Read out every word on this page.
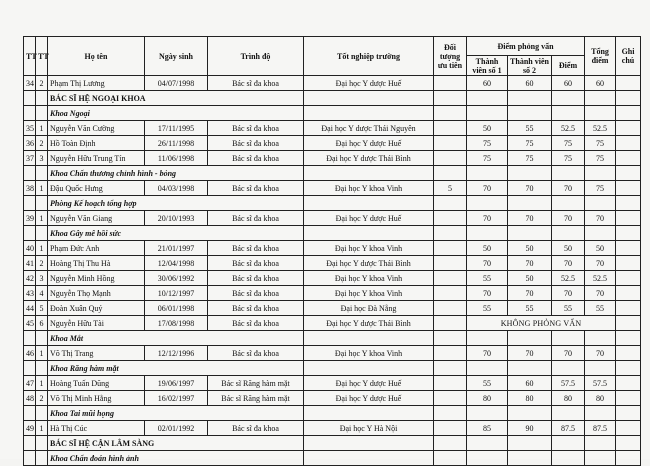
TT	TT	Họ tên	Ngày sinh	Trình độ	Tốt nghiệp trường	Đối tượng ưu tiên	Điểm phỏng vấn			Tổng điểm	Ghi chú
							Thành viên số 1	Thành viên số 2	Điểm		
34	2	Phạm Thị Lương	04/07/1998	Bác sĩ đa khoa	Đại học Y dược Huế		60	60	60	60	
		BÁC SĨ HỆ NGOẠI KHOA									
		Khoa Ngoại									
35	1	Nguyễn Văn Cường	17/11/1995	Bác sĩ đa khoa	Đại học Y dược Thái Nguyên		50	55	52.5	52.5	
36	2	Hồ Toàn Định	26/11/1998	Bác sĩ đa khoa	Đại học Y dược Huế		75	75	75	75	
37	3	Nguyễn Hữu Trung Tín	11/06/1998	Bác sĩ đa khoa	Đại học Y dược Thái Bình		75	75	75	75	
		Khoa Chấn thương chỉnh hình - bỏng									
38	1	Đậu Quốc Hưng	04/03/1998	Bác sĩ đa khoa	Đại học Y khoa Vinh	5	70	70	70	75	
		Phòng Kế hoạch tổng hợp									
39	1	Nguyễn Văn Giang	20/10/1993	Bác sĩ đa khoa	Đại học Y dược Huế		70	70	70	70	
		Khoa Gây mê hồi sức									
40	1	Phạm Đức Anh	21/01/1997	Bác sĩ đa khoa	Đại học Y khoa Vinh		50	50	50	50	
41	2	Hoàng Thị Thu Hà	12/04/1998	Bác sĩ đa khoa	Đại học Y dược Thái Bình		70	70	70	70	
42	3	Nguyễn Minh Hồng	30/06/1992	Bác sĩ đa khoa	Đại học Y khoa Vinh		55	50	52.5	52.5	
43	4	Nguyễn Thọ Mạnh	10/12/1997	Bác sĩ đa khoa	Đại học Y khoa Vinh		70	70	70	70	
44	5	Đoàn Xuân Quý	06/01/1998	Bác sĩ đa khoa	Đại học Đà Nẵng		55	55	55	55	
45	6	Nguyễn Hữu Tài	17/08/1998	Bác sĩ đa khoa	Đại học Y dược Thái Bình		KHÔNG PHỎNG VẤN				
		Khoa Mắt									
46	1	Võ Thị Trang	12/12/1996	Bác sĩ đa khoa	Đại học Y khoa Vinh		70	70	70	70	
		Khoa Răng hàm mặt									
47	1	Hoàng Tuấn Dũng	19/06/1997	Bác sĩ Răng hàm mặt	Đại học Y dược Huế		55	60	57.5	57.5	
48	2	Võ Thị Minh Hằng	16/02/1997	Bác sĩ Răng hàm mặt	Đại học Y dược Huế		80	80	80	80	
		Khoa Tai mũi họng									
49	1	Hà Thị Cúc	02/01/1992	Bác sĩ đa khoa	Đại học Y Hà Nội		85	90	87.5	87.5	
		BÁC SĨ HỆ CẬN LÂM SÀNG									
		Khoa Chẩn đoán hình ảnh									
